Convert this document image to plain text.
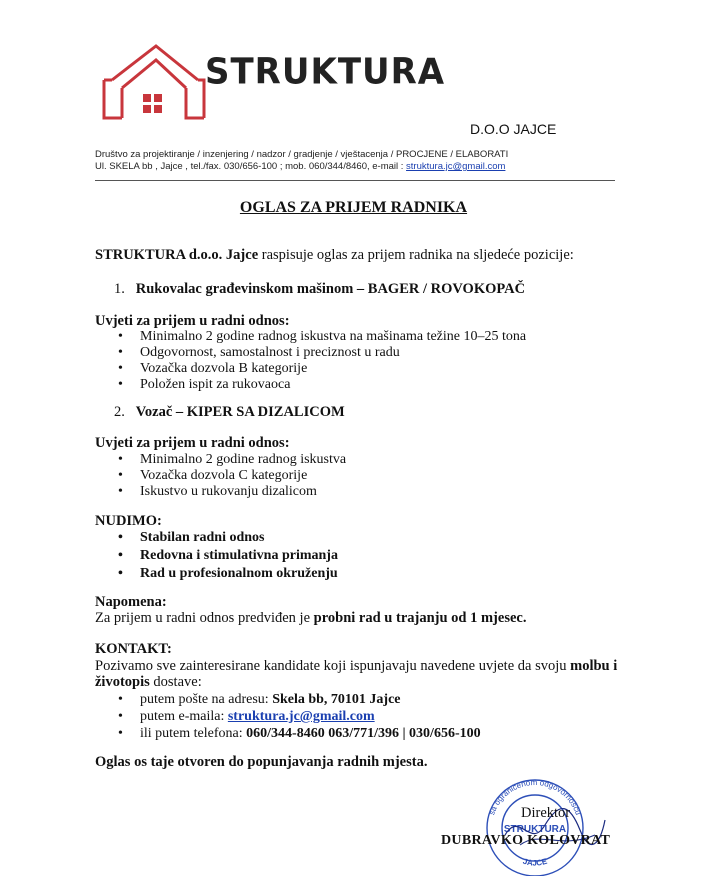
STRUKTURA
D.O.O JAJCE
Društvo za projektiranje / inzenjering / nadzor / gradjenje / vještacenja / PROCJENE / ELABORATI
Ul. SKELA bb , Jajce , tel./fax. 030/656-100 ; mob. 060/344/8460, e-mail : struktura.jc@gmail.com
OGLAS ZA PRIJEM RADNIKA
STRUKTURA d.o.o. Jajce raspisuje oglas za prijem radnika na sljedeće pozicije:
1. Rukovalac građevinskom mašinom – BAGER / ROVOKOPAČ
Uvjeti za prijem u radni odnos:
• Minimalno 2 godine radnog iskustva na mašinama težine 10–25 tona
• Odgovornost, samostalnost i preciznost u radu
• Vozačka dozvola B kategorije
• Položen ispit za rukovaoca
2. Vozač – KIPER SA DIZALICOM
Uvjeti za prijem u radni odnos:
• Minimalno 2 godine radnog iskustva
• Vozačka dozvola C kategorije
• Iskustvo u rukovanju dizalicom
NUDIMO:
• Stabilan radni odnos
• Redovna i stimulativna primanja
• Rad u profesionalnom okruženju
Napomena:
Za prijem u radni odnos predviđen je probni rad u trajanju od 1 mjesec.
KONTAKT:
Pozivamo sve zainteresirane kandidate koji ispunjavaju navedene uvjete da svoju molbu i
životopis dostave:
• putem pošte na adresu: Skela bb, 70101 Jajce
• putem e-maila: struktura.jc@gmail.com
• ili putem telefona: 060/344-8460 063/771/396 | 030/656-100
Oglas os taje otvoren do popunjavanja radnih mjesta.
sa ograničenom odgovornošću
STRUKTURA
JAJCE
Direktor
DUBRAVKO KOLOVRAT
